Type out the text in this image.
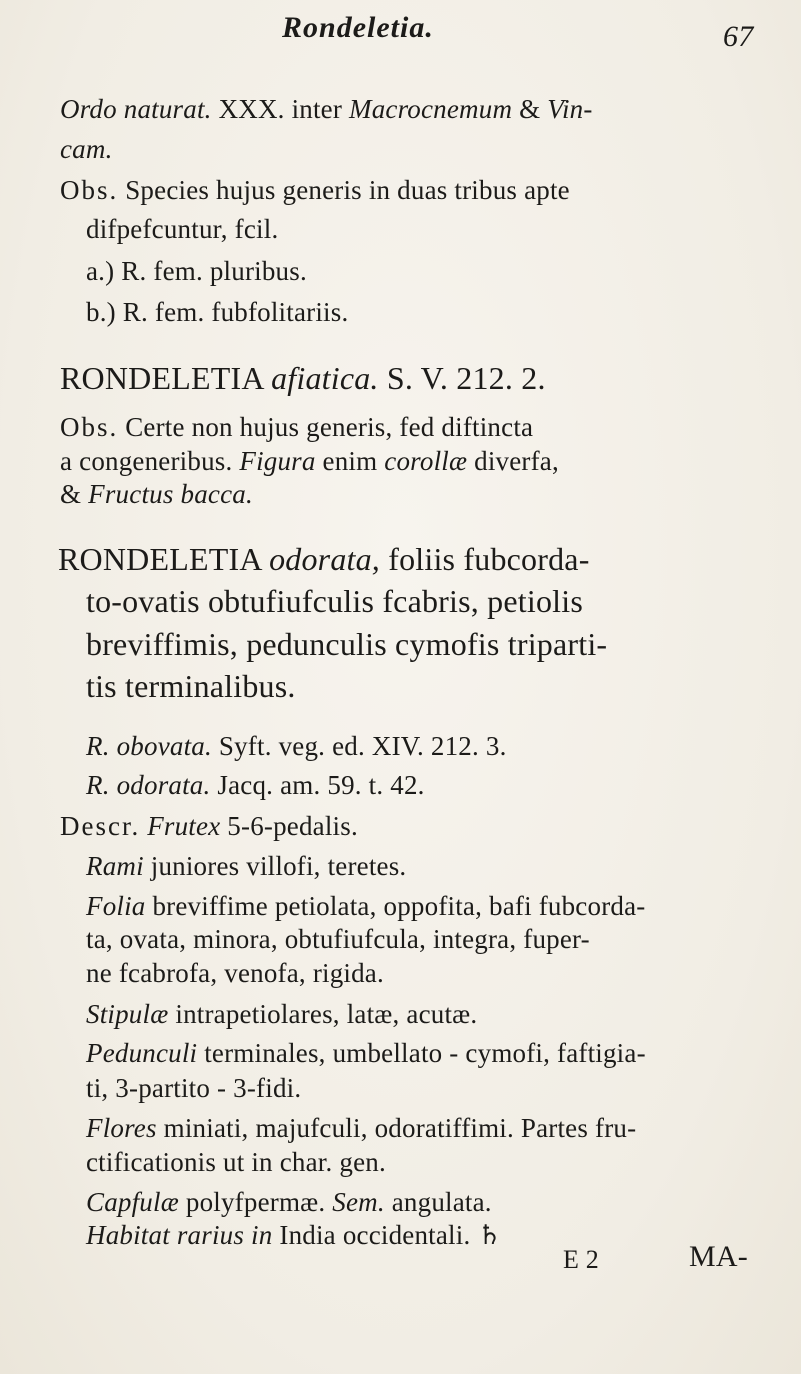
Rondeletia.	67
Ordo naturat. XXX. inter Macrocnemum & Vin-
cam.
Obs. Species hujus generis in duas tribus apte
difpefcuntur, fcil.
a.) R. fem. pluribus.
b.) R. fem. fubfolitariis.
RONDELETIA afiatica. S. V. 212. 2.
Obs. Certe non hujus generis, fed diftincta
a congeneribus. Figura enim corollæ diverfa,
& Fructus bacca.
RONDELETIA odorata, foliis fubcorda-
to-ovatis obtufiufculis fcabris, petiolis
breviffimis, pedunculis cymofis triparti-
tis terminalibus.
R. obovata. Syft. veg. ed. XIV. 212. 3.
R. odorata. Jacq. am. 59. t. 42.
Descr. Frutex 5-6-pedalis.
Rami juniores villofi, teretes.
Folia breviffime petiolata, oppofita, bafi fubcorda-
ta, ovata, minora, obtufiufcula, integra, fuper-
ne fcabrofa, venofa, rigida.
Stipulæ intrapetiolares, latæ, acutæ.
Pedunculi terminales, umbellato - cymofi, faftigia-
ti, 3-partito - 3-fidi.
Flores miniati, majufculi, odoratiffimi. Partes fru-
ctificationis ut in char. gen.
Capfulæ polyfpermæ. Sem. angulata.
Habitat rarius in India occidentali. ♄
E 2	MA-
